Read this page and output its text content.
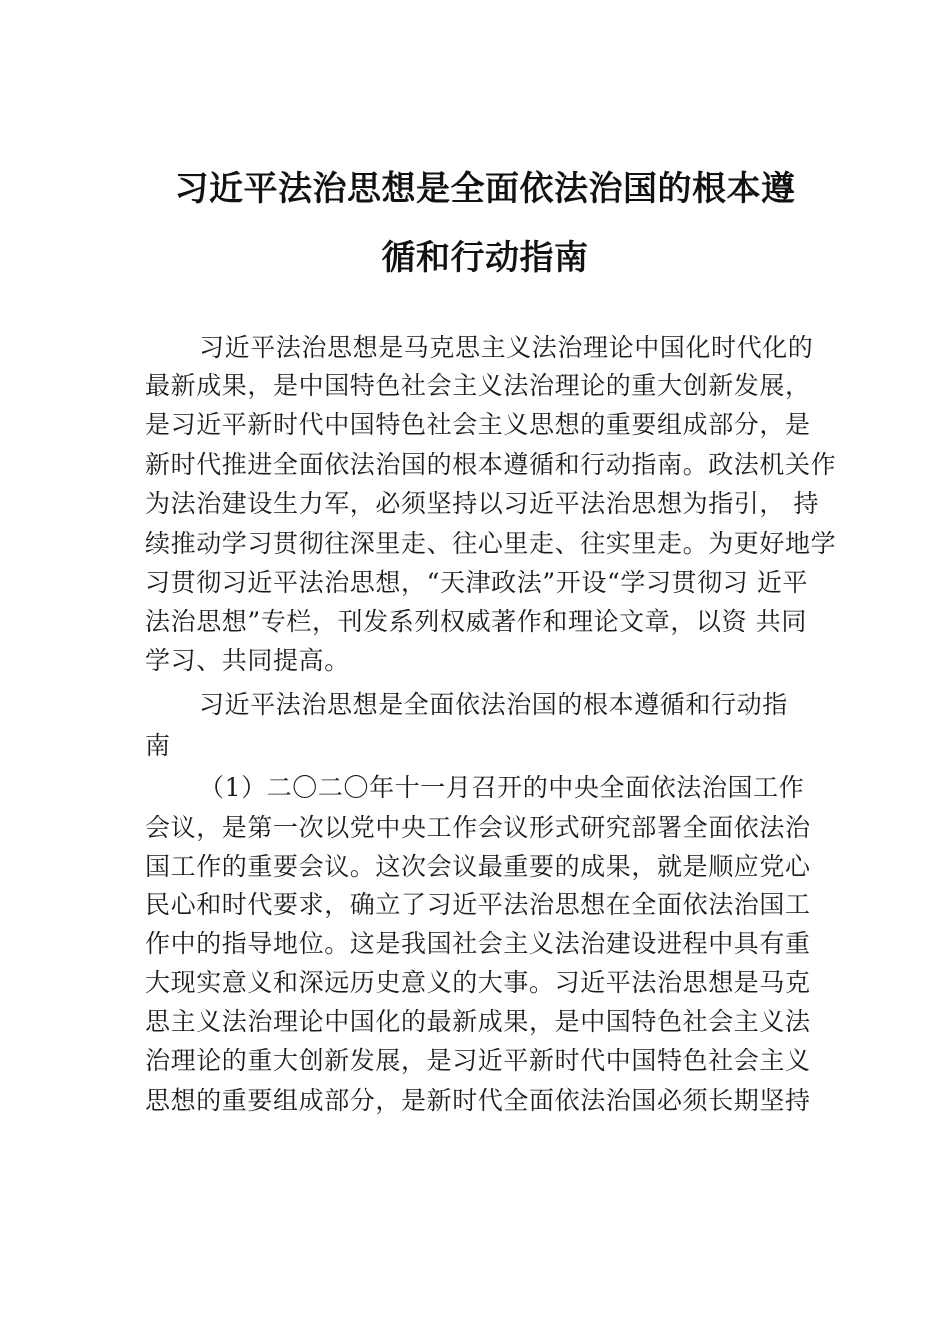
习近平法治思想是全面依法治国的根本遵
循和行动指南

习近平法治思想是马克思主义法治理论中国化时代化的

最新成果，是中国特色社会主义法治理论的重大创新发展，

是习近平新时代中国特色社会主义思想的重要组成部分，是

新时代推进全面依法治国的根本遵循和行动指南。政法机关作

为法治建设生力军，必须坚持以习近平法治思想为指引， 持

续推动学习贯彻往深里走、往心里走、往实里走。为更好地学

习贯彻习近平法治思想，“天津政法”开设“学习贯彻习 近平

法治思想”专栏，刊发系列权威著作和理论文章，以资 共同

学习、共同提高。

习近平法治思想是全面依法治国的根本遵循和行动指

南

（1）二〇二〇年十一月召开的中央全面依法治国工作

会议，是第一次以党中央工作会议形式研究部署全面依法治

国工作的重要会议。这次会议最重要的成果，就是顺应党心

民心和时代要求，确立了习近平法治思想在全面依法治国工

作中的指导地位。这是我国社会主义法治建设进程中具有重

大现实意义和深远历史意义的大事。习近平法治思想是马克

思主义法治理论中国化的最新成果，是中国特色社会主义法

治理论的重大创新发展，是习近平新时代中国特色社会主义

思想的重要组成部分，是新时代全面依法治国必须长期坚持
